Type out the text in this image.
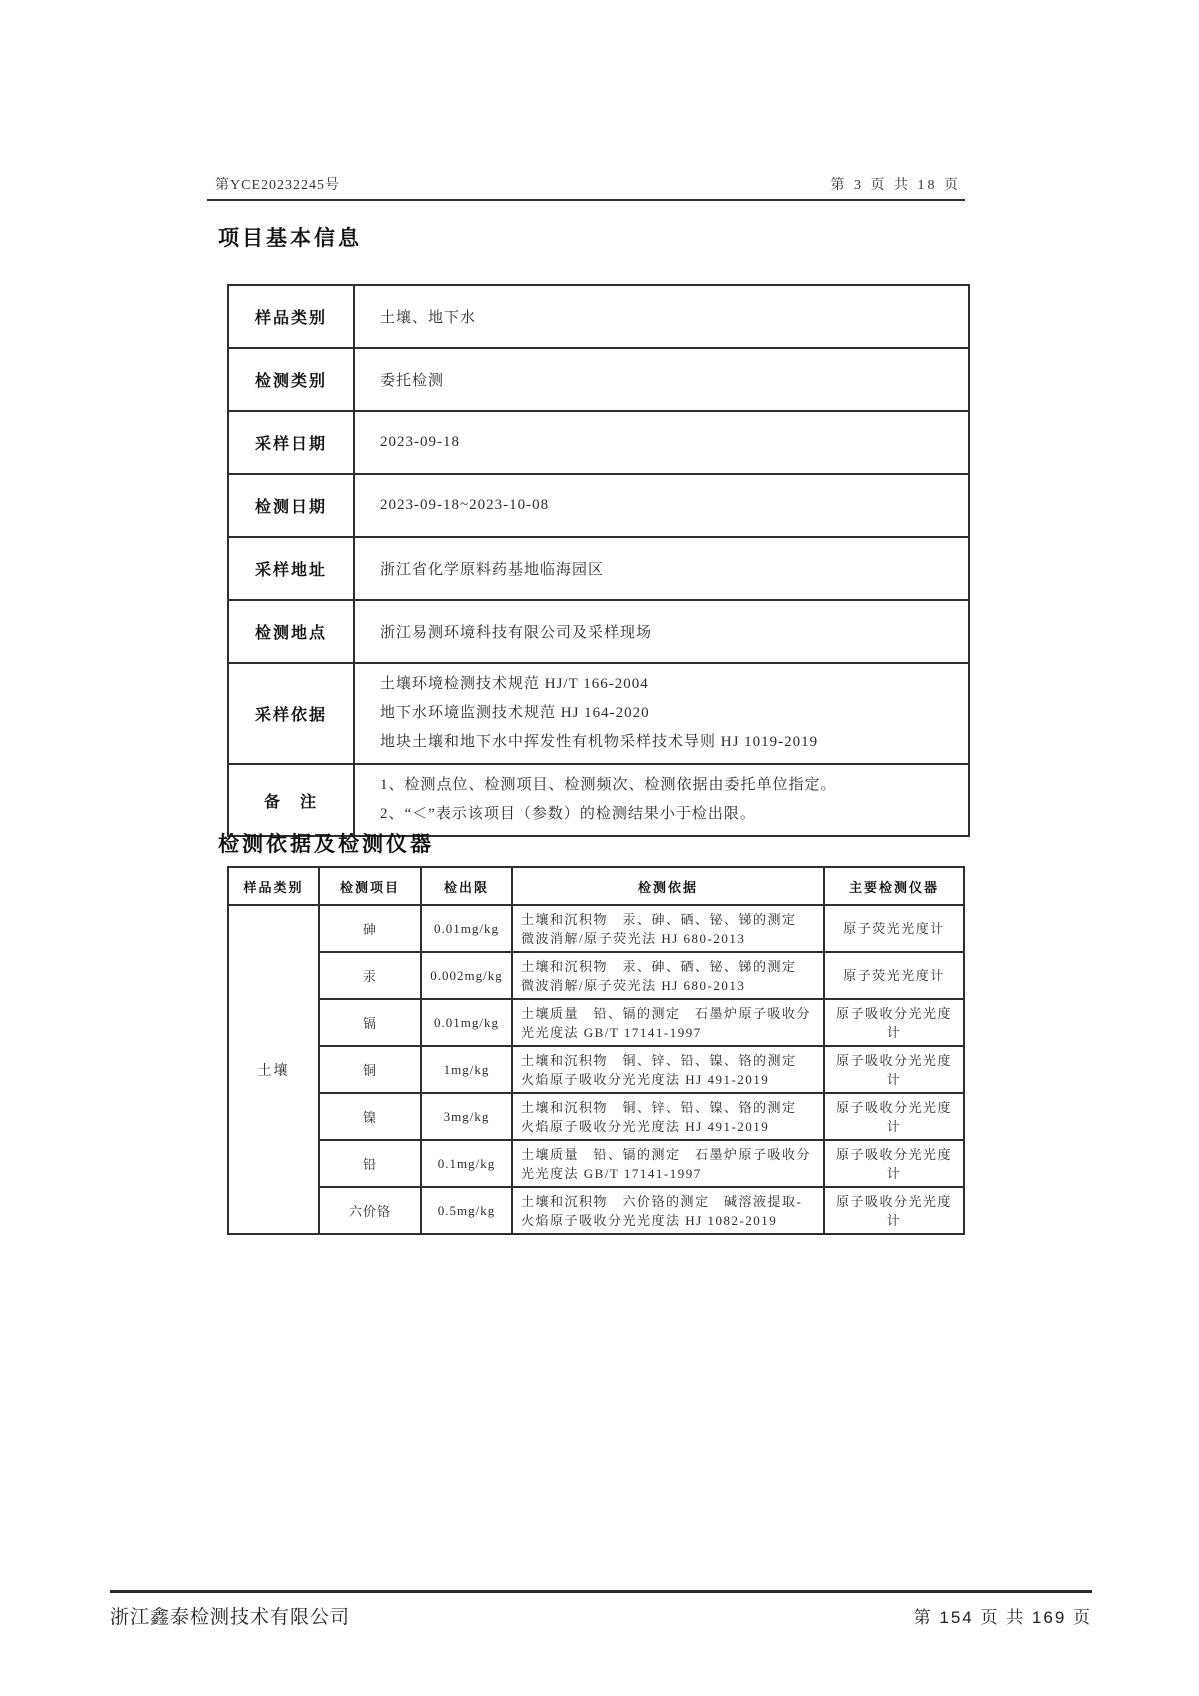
第YCE20232245号	第 3 页 共 18 页
项目基本信息
样品类别	土壤、地下水
检测类别	委托检测
采样日期	2023-09-18
检测日期	2023-09-18~2023-10-08
采样地址	浙江省化学原料药基地临海园区
检测地点	浙江易测环境科技有限公司及采样现场
采样依据	土壤环境检测技术规范 HJ/T 166-2004
地下水环境监测技术规范 HJ 164-2020
地块土壤和地下水中挥发性有机物采样技术导则 HJ 1019-2019

备　注	1、检测点位、检测项目、检测频次、检测依据由委托单位指定。
2、“＜”表示该项目（参数）的检测结果小于检出限。
检测依据及检测仪器
样品类别	检测项目	检出限	检测依据	主要检测仪器
土壤	砷	0.01mg/kg	土壤和沉积物　汞、砷、硒、铋、锑的测定　微波消解/原子荧光法 HJ 680-2013	原子荧光光度计
	汞	0.002mg/kg	土壤和沉积物　汞、砷、硒、铋、锑的测定　微波消解/原子荧光法 HJ 680-2013	原子荧光光度计
	镉	0.01mg/kg	土壤质量　铅、镉的测定　石墨炉原子吸收分光光度法 GB/T 17141-1997	原子吸收分光光度计
	铜	1mg/kg	土壤和沉积物　铜、锌、铅、镍、铬的测定　火焰原子吸收分光光度法 HJ 491-2019	原子吸收分光光度计
	镍	3mg/kg	土壤和沉积物　铜、锌、铅、镍、铬的测定　火焰原子吸收分光光度法 HJ 491-2019	原子吸收分光光度计
	铅	0.1mg/kg	土壤质量　铅、镉的测定　石墨炉原子吸收分光光度法 GB/T 17141-1997	原子吸收分光光度计
	六价铬	0.5mg/kg	土壤和沉积物　六价铬的测定　碱溶液提取-火焰原子吸收分光光度法 HJ 1082-2019	原子吸收分光光度计
浙江鑫泰检测技术有限公司	第 154 页 共 169 页
